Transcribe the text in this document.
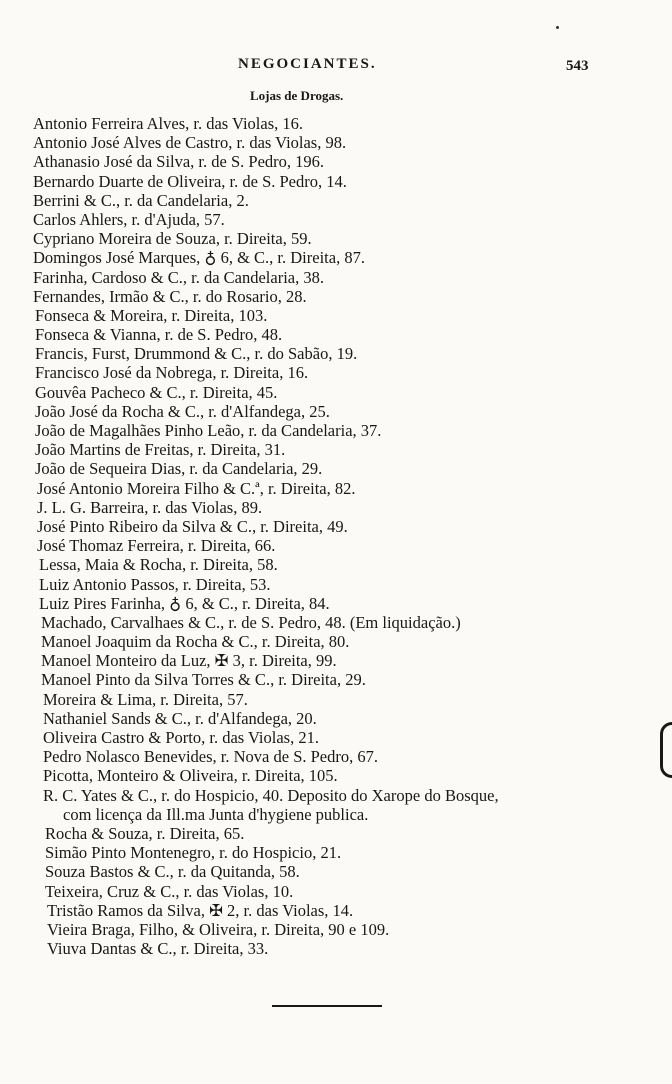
NEGOCIANTES.	543
Lojas de Drogas.
Antonio Ferreira Alves, r. das Violas, 16.
Antonio José Alves de Castro, r. das Violas, 98.
Athanasio José da Silva, r. de S. Pedro, 196.
Bernardo Duarte de Oliveira, r. de S. Pedro, 14.
Berrini & C., r. da Candelaria, 2.
Carlos Ahlers, r. d'Ajuda, 57.
Cypriano Moreira de Souza, r. Direita, 59.
Domingos José Marques, ♁ 6, & C., r. Direita, 87.
Farinha, Cardoso & C., r. da Candelaria, 38.
Fernandes, Irmão & C., r. do Rosario, 28.
Fonseca & Moreira, r. Direita, 103.
Fonseca & Vianna, r. de S. Pedro, 48.
Francis, Furst, Drummond & C., r. do Sabão, 19.
Francisco José da Nobrega, r. Direita, 16.
Gouvêa Pacheco & C., r. Direita, 45.
João José da Rocha & C., r. d'Alfandega, 25.
João de Magalhães Pinho Leão, r. da Candelaria, 37.
João Martins de Freitas, r. Direita, 31.
João de Sequeira Dias, r. da Candelaria, 29.
José Antonio Moreira Filho & C.ª, r. Direita, 82.
J. L. G. Barreira, r. das Violas, 89.
José Pinto Ribeiro da Silva & C., r. Direita, 49.
José Thomaz Ferreira, r. Direita, 66.
Lessa, Maia & Rocha, r. Direita, 58.
Luiz Antonio Passos, r. Direita, 53.
Luiz Pires Farinha, ♁ 6, & C., r. Direita, 84.
Machado, Carvalhaes & C., r. de S. Pedro, 48. (Em liquidação.)
Manoel Joaquim da Rocha & C., r. Direita, 80.
Manoel Monteiro da Luz, ✠ 3, r. Direita, 99.
Manoel Pinto da Silva Torres & C., r. Direita, 29.
Moreira & Lima, r. Direita, 57.
Nathaniel Sands & C., r. d'Alfandega, 20.
Oliveira Castro & Porto, r. das Violas, 21.
Pedro Nolasco Benevides, r. Nova de S. Pedro, 67.
Picotta, Monteiro & Oliveira, r. Direita, 105.
R. C. Yates & C., r. do Hospicio, 40. Deposito do Xarope do Bosque,
com licença da Ill.ma Junta d'hygiene publica.
Rocha & Souza, r. Direita, 65.
Simão Pinto Montenegro, r. do Hospicio, 21.
Souza Bastos & C., r. da Quitanda, 58.
Teixeira, Cruz & C., r. das Violas, 10.
Tristão Ramos da Silva, ✠ 2, r. das Violas, 14.
Vieira Braga, Filho, & Oliveira, r. Direita, 90 e 109.
Viuva Dantas & C., r. Direita, 33.
